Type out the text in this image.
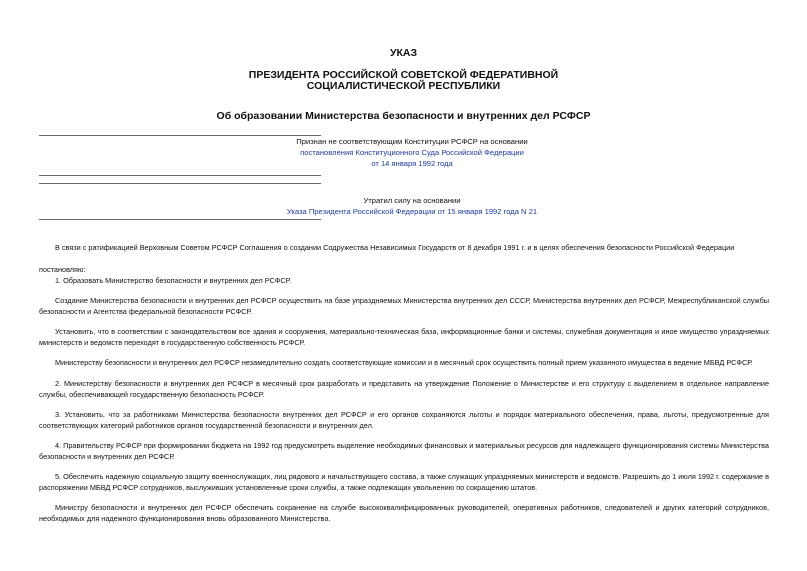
УКАЗ
ПРЕЗИДЕНТА РОССИЙСКОЙ СОВЕТСКОЙ ФЕДЕРАТИВНОЙ
СОЦИАЛИСТИЧЕСКОЙ РЕСПУБЛИКИ
Об образовании Министерства безопасности и внутренних дел РСФСР
Признан не соответствующим Конституции РСФСР на основании
постановления Конституционного Суда Российской Федерации
от 14 января 1992 года
Утратил силу на основании
Указа Президента Российской Федерации от 15 января 1992 года N 21
В связи с ратификацией Верховным Советом РСФСР Соглашения о создании Содружества Независимых Государств от 8 декабря 1991 г. и в целях обеспечения безопасности Российской Федерации
постановляю:
1. Образовать Министерство безопасности и внутренних дел РСФСР.
Создание Министерства безопасности и внутренних дел РСФСР осуществить на базе упраздняемых Министерства внутренних дел СССР, Министерства внутренних дел РСФСР, Межреспубликанской службы безопасности и Агентства федеральной безопасности РСФСР.
Установить, что в соответствии с законодательством все здания и сооружения, материально-техническая база, информационные банки и системы, служебная документация и иное имущество упраздняемых министерств и ведомств переходят в государственную собственность РСФСР.
Министерству безопасности и внутренних дел РСФСР незамедлительно создать соответствующие комиссии и в месячный срок осуществить полный прием указанного имущества в ведение МБВД РСФСР.
2. Министерству безопасности и внутренних дел РСФСР в месячный срок разработать и представить на утверждение Положение о Министерстве и его структуру с выделением в отдельное направление службы, обеспечивающей государственную безопасность РСФСР.
3. Установить, что за работниками Министерства безопасности внутренних дел РСФСР и его органов сохраняются льготы и порядок материального обеспечения, права, льготы, предусмотренные для соответствующих категорий работников органов государственной безопасности и внутренних дел.
4. Правительству РСФСР при формировании бюджета на 1992 год предусмотреть выделение необходимых финансовых и материальных ресурсов для надлежащего функционирования системы Министерства безопасности и внутренних дел РСФСР.
5. Обеспечить надежную социальную защиту военнослужащих, лиц рядового и начальствующего состава, а также служащих упраздняемых министерств и ведомств. Разрешить до 1 июля 1992 г. содержание в распоряжении МБВД РСФСР сотрудников, выслуживших установленные сроки службы, а также подлежащих увольнению по сокращению штатов.
Министру безопасности и внутренних дел РСФСР обеспечить сохранение на службе высококвалифицированных руководителей, оперативных работников, следователей и других категорий сотрудников, необходимых для надежного функционирования вновь образованного Министерства.
